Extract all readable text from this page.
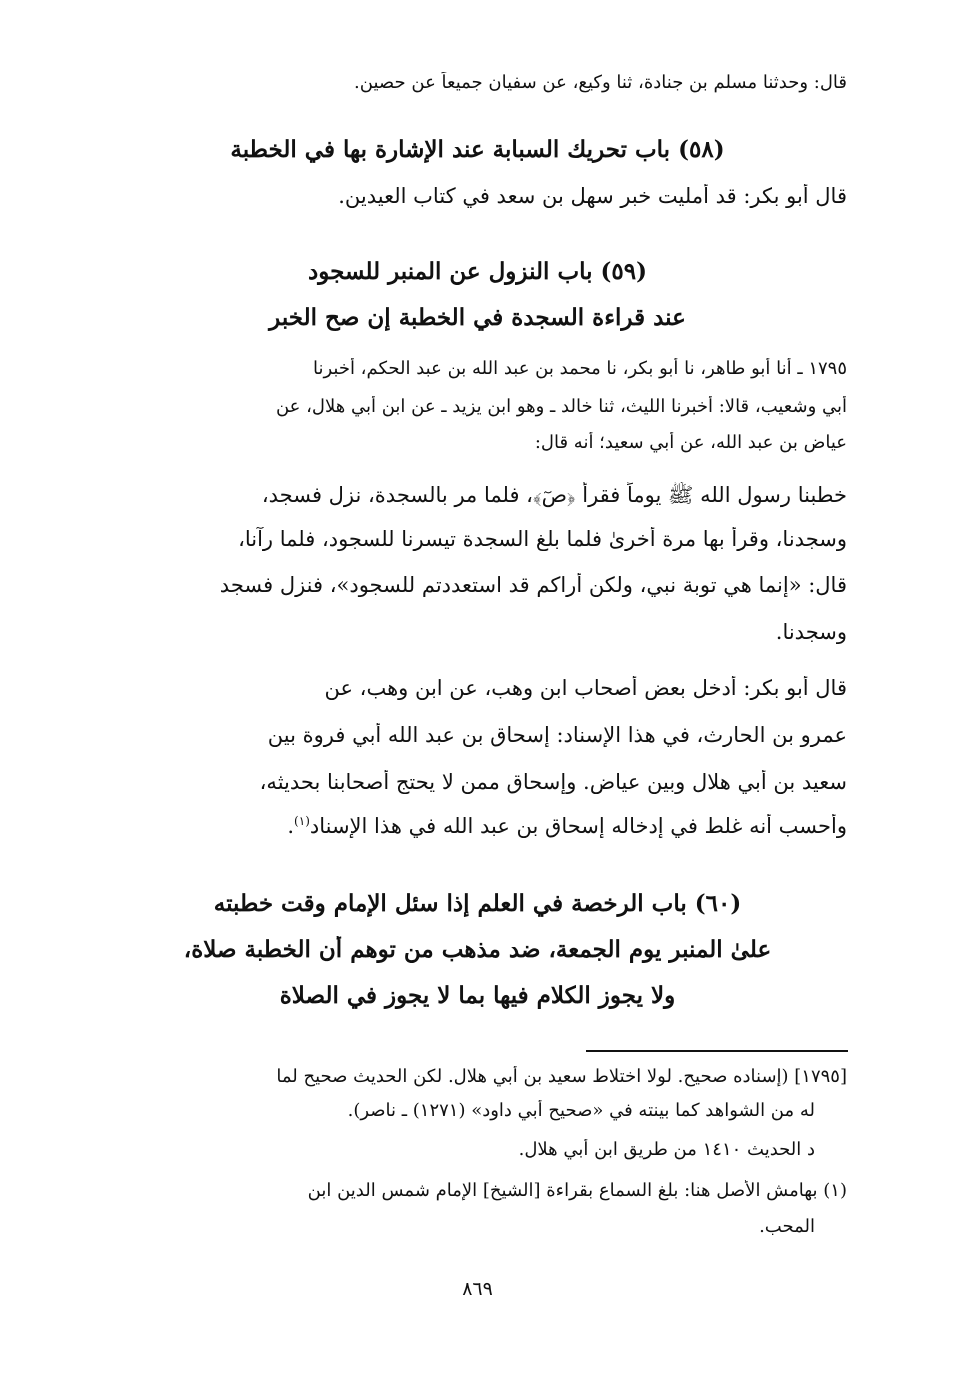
قال: وحدثنا مسلم بن جنادة، ثنا وكيع، عن سفيان جميعاً عن حصين.
(٥٨) باب تحريك السبابة عند الإشارة بها في الخطبة
قال أبو بكر: قد أمليت خبر سهل بن سعد في كتاب العيدين.
(٥٩) باب النزول عن المنبر للسجود
عند قراءة السجدة في الخطبة إن صح الخبر
١٧٩٥ ـ أنا أبو طاهر، نا أبو بكر، نا محمد بن عبد الله بن عبد الحكم، أخبرنا
أبي وشعيب، قالا: أخبرنا الليث، ثنا خالد ـ وهو ابن يزيد ـ عن ابن أبي هلال، عن
عياض بن عبد الله، عن أبي سعيد؛ أنه قال:
خطبنا رسول الله ﷺ يوماً فقرأ ﴿صٓ﴾، فلما مر بالسجدة، نزل فسجد،
وسجدنا، وقرأ بها مرة أخرىٰ فلما بلغ السجدة تيسرنا للسجود، فلما رآنا،
قال: «إنما هي توبة نبي، ولكن أراكم قد استعددتم للسجود»، فنزل فسجد
وسجدنا.
قال أبو بكر: أدخل بعض أصحاب ابن وهب، عن ابن وهب، عن
عمرو بن الحارث، في هذا الإسناد: إسحاق بن عبد الله أبي فروة بين
سعيد بن أبي هلال وبين عياض. وإسحاق ممن لا يحتج أصحابنا بحديثه،
وأحسب أنه غلط في إدخاله إسحاق بن عبد الله في هذا الإسناد$^{(١)}$.
(٦٠) باب الرخصة في العلم إذا سئل الإمام وقت خطبته
علىٰ المنبر يوم الجمعة، ضد مذهب من توهم أن الخطبة صلاة،
ولا يجوز الكلام فيها بما لا يجوز في الصلاة
[١٧٩٥] (إسناده صحيح. لولا اختلاط سعيد بن أبي هلال. لكن الحديث صحيح لما
له من الشواهد كما بينته في «صحيح أبي داود» (١٢٧١) ـ ناصر).
د الحديث ١٤١٠ من طريق ابن أبي هلال.
(١) بهامش الأصل هنا: بلغ السماع بقراءة [الشيخ] الإمام شمس الدين ابن
المحب.
٨٦٩
